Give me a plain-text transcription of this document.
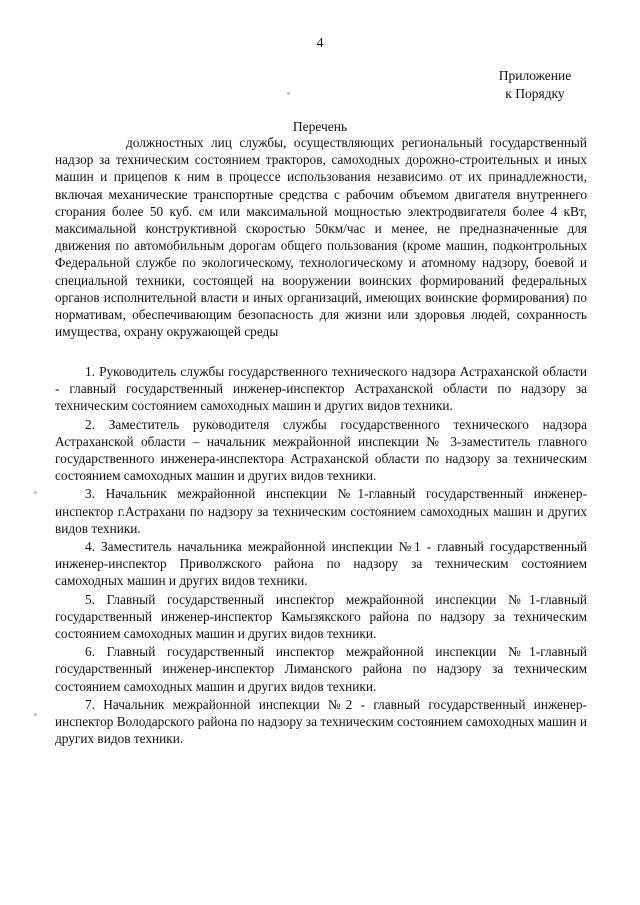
4
Приложение
к Порядку
Перечень
должностных лиц службы, осуществляющих региональный государственный надзор за техническим состоянием тракторов, самоходных дорожно-строительных и иных машин и прицепов к ним в процессе использования независимо от их принадлежности, включая механические транспортные средства с рабочим объемом двигателя внутреннего сгорания более 50 куб. см или максимальной мощностью электродвигателя более 4 кВт, максимальной конструктивной скоростью 50км/час и менее, не предназначенные для движения по автомобильным дорогам общего пользования (кроме машин, подконтрольных Федеральной службе по экологическому, технологическому и атомному надзору, боевой и специальной техники, состоящей на вооружении воинских формирований федеральных органов исполнительной власти и иных организаций, имеющих воинские формирования) по нормативам, обеспечивающим безопасность для жизни или здоровья людей, сохранность имущества, охрану окружающей среды
1. Руководитель службы государственного технического надзора Астраханской области - главный государственный инженер-инспектор Астраханской области по надзору за техническим состоянием самоходных машин и других видов техники.
2. Заместитель руководителя службы государственного технического надзора Астраханской области – начальник межрайонной инспекции № 3-заместитель главного государственного инженера-инспектора Астраханской области по надзору за техническим состоянием самоходных машин и других видов техники.
3. Начальник межрайонной инспекции №1-главный государственный инженер-инспектор г.Астрахани по надзору за техническим состоянием самоходных машин и других видов техники.
4. Заместитель начальника межрайонной инспекции №1 - главный государственный инженер-инспектор Приволжского района по надзору за техническим состоянием самоходных машин и других видов техники.
5. Главный государственный инспектор межрайонной инспекции №1-главный государственный инженер-инспектор Камызякского района по надзору за техническим состоянием самоходных машин и других видов техники.
6. Главный государственный инспектор межрайонной инспекции №1-главный государственный инженер-инспектор Лиманского района по надзору за техническим состоянием самоходных машин и других видов техники.
7. Начальник межрайонной инспекции №2 - главный государственный инженер-инспектор Володарского района по надзору за техническим состоянием самоходных машин и других видов техники.
